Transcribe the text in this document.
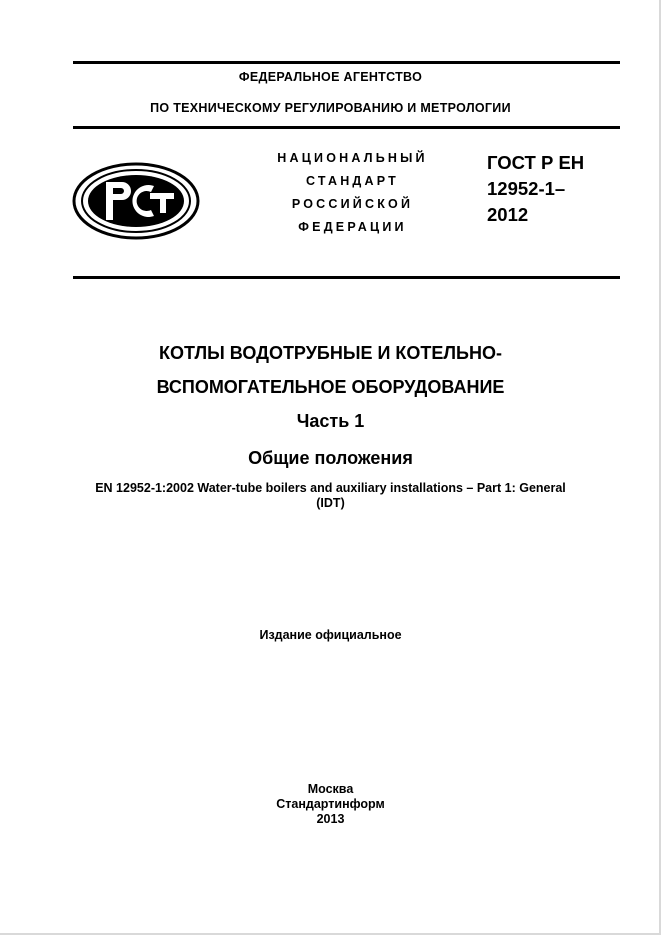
ФЕДЕРАЛЬНОЕ АГЕНТСТВО
ПО ТЕХНИЧЕСКОМУ РЕГУЛИРОВАНИЮ И МЕТРОЛОГИИ
НАЦИОНАЛЬНЫЙ
СТАНДАРТ
РОССИЙСКОЙ
ФЕДЕРАЦИИ
ГОСТ Р ЕН
12952-1–
2012
КОТЛЫ ВОДОТРУБНЫЕ И КОТЕЛЬНО-
ВСПОМОГАТЕЛЬНОЕ ОБОРУДОВАНИЕ
Часть 1
Общие положения
EN 12952-1:2002 Water-tube boilers and auxiliary installations – Part 1: General
(IDT)
Издание официальное
Москва
Стандартинформ
2013
